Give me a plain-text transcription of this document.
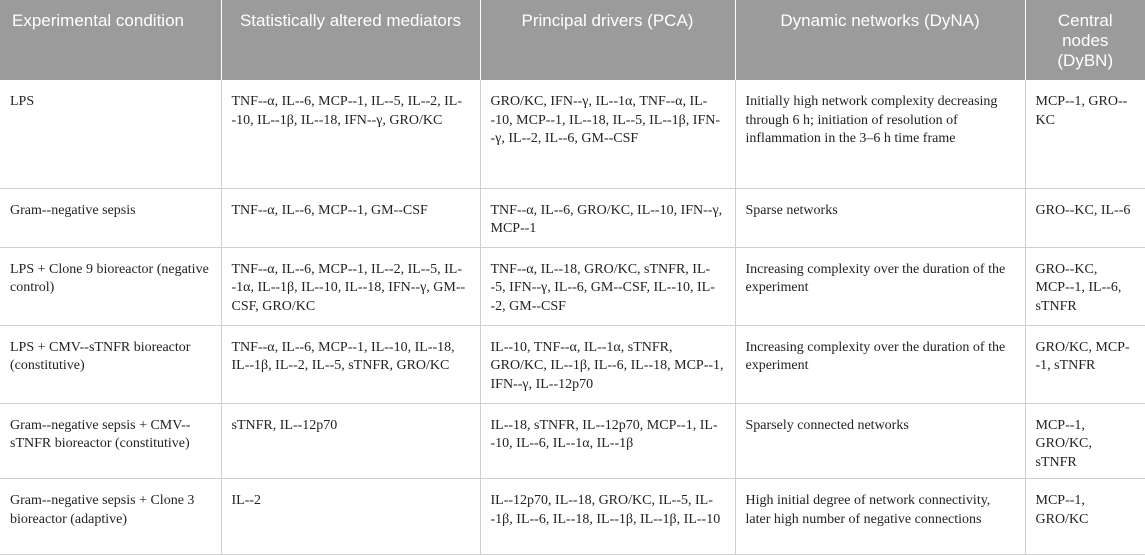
Experimental condition	Statistically altered mediators	Principal drivers (PCA)	Dynamic networks (DyNA)	Central nodes (DyBN)
LPS	TNF--α, IL--6, MCP--1, IL--5, IL--2, IL--10, IL--1β, IL--18, IFN--γ, GRO/KC	GRO/KC, IFN--γ, IL--1α, TNF--α, IL--10, MCP--1, IL--18, IL--5, IL--1β, IFN--γ, IL--2, IL--6, GM--CSF	Initially high network complexity decreasing through 6 h; initiation of resolution of inflammation in the 3–6 h time frame	MCP--1, GRO--KC
Gram--negative sepsis	TNF--α, IL--6, MCP--1, GM--CSF	TNF--α, IL--6, GRO/KC, IL--10, IFN--γ, MCP--1	Sparse networks	GRO--KC, IL--6
LPS + Clone 9 bioreactor (negative control)	TNF--α, IL--6, MCP--1, IL--2, IL--5, IL--1α, IL--1β, IL--10, IL--18, IFN--γ, GM--CSF, GRO/KC	TNF--α, IL--18, GRO/KC, sTNFR, IL--5, IFN--γ, IL--6, GM--CSF, IL--10, IL--2, GM--CSF	Increasing complexity over the duration of the experiment	GRO--KC, MCP--1, IL--6, sTNFR
LPS + CMV--sTNFR bioreactor (constitutive)	TNF--α, IL--6, MCP--1, IL--10, IL--18, IL--1β, IL--2, IL--5, sTNFR, GRO/KC	IL--10, TNF--α, IL--1α, sTNFR, GRO/KC, IL--1β, IL--6, IL--18, MCP--1, IFN--γ, IL--12p70	Increasing complexity over the duration of the experiment	GRO/KC, MCP--1, sTNFR
Gram--negative sepsis + CMV--sTNFR bioreactor (constitutive)	sTNFR, IL--12p70	IL--18, sTNFR, IL--12p70, MCP--1, IL--10, IL--6, IL--1α, IL--1β	Sparsely connected networks	MCP--1, GRO/KC, sTNFR
Gram--negative sepsis + Clone 3 bioreactor (adaptive)	IL--2	IL--12p70, IL--18, GRO/KC, IL--5, IL--1β, IL--6, IL--18, IL--1β, IL--1β, IL--10	High initial degree of network connectivity, later high number of negative connections	MCP--1, GRO/KC
